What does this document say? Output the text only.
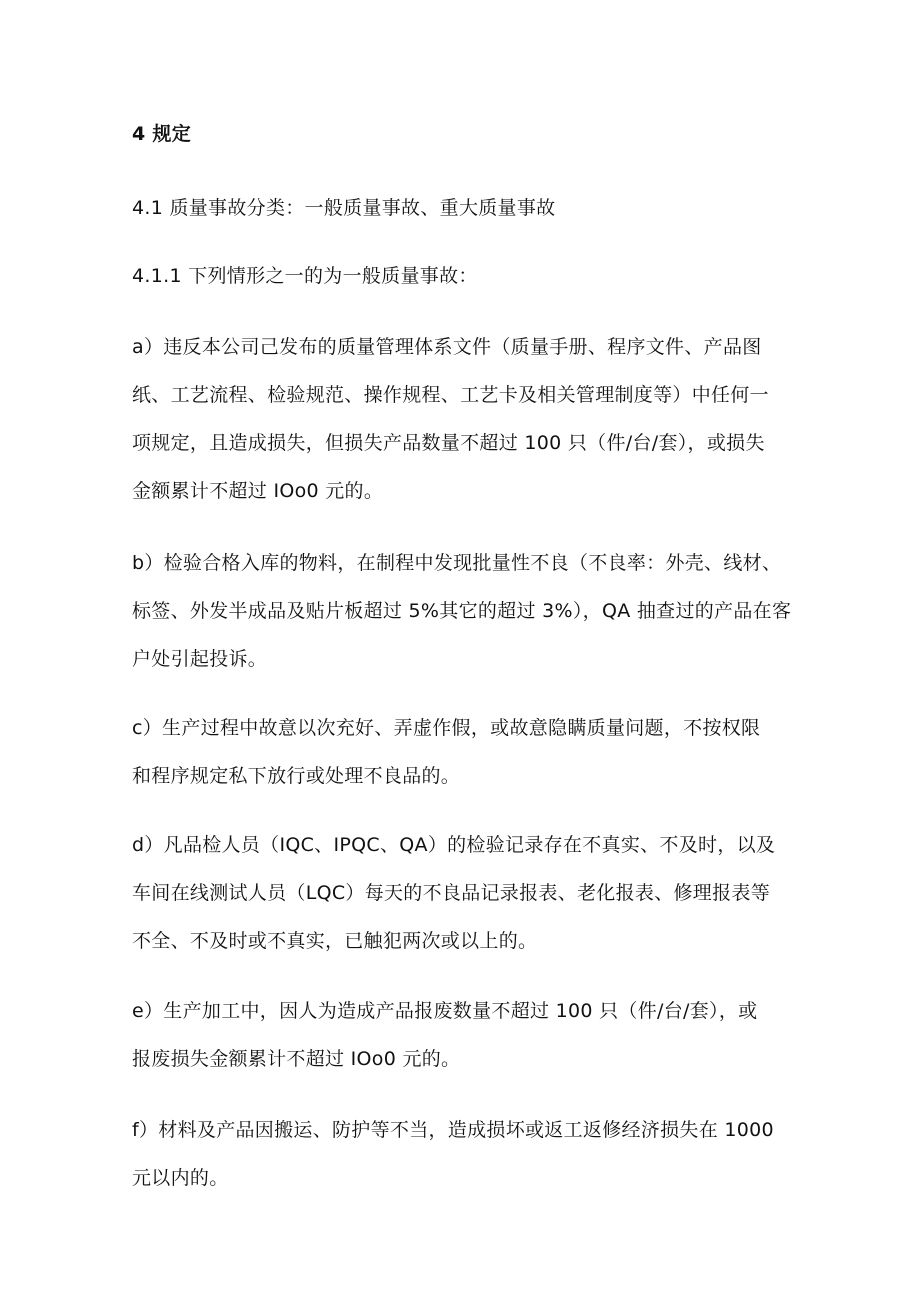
4 规定
4.1 质量事故分类：一般质量事故、重大质量事故
4.1.1 下列情形之一的为一般质量事故：
a）违反本公司己发布的质量管理体系文件（质量手册、程序文件、产品图
纸、工艺流程、检验规范、操作规程、工艺卡及相关管理制度等）中任何一
项规定，且造成损失，但损失产品数量不超过 100 只（件/台/套），或损失
金额累计不超过 IOo0 元的。
b）检验合格入库的物料，在制程中发现批量性不良（不良率：外壳、线材、
标签、外发半成品及贴片板超过 5%其它的超过 3%），QA 抽查过的产品在客
户处引起投诉。
c）生产过程中故意以次充好、弄虚作假，或故意隐瞒质量问题，不按权限
和程序规定私下放行或处理不良品的。
d）凡品检人员（IQC、IPQC、QA）的检验记录存在不真实、不及时，以及
车间在线测试人员（LQC）每天的不良品记录报表、老化报表、修理报表等
不全、不及时或不真实，已触犯两次或以上的。
e）生产加工中，因人为造成产品报废数量不超过 100 只（件/台/套），或
报废损失金额累计不超过 IOo0 元的。
f）材料及产品因搬运、防护等不当，造成损坏或返工返修经济损失在 1000
元以内的。
